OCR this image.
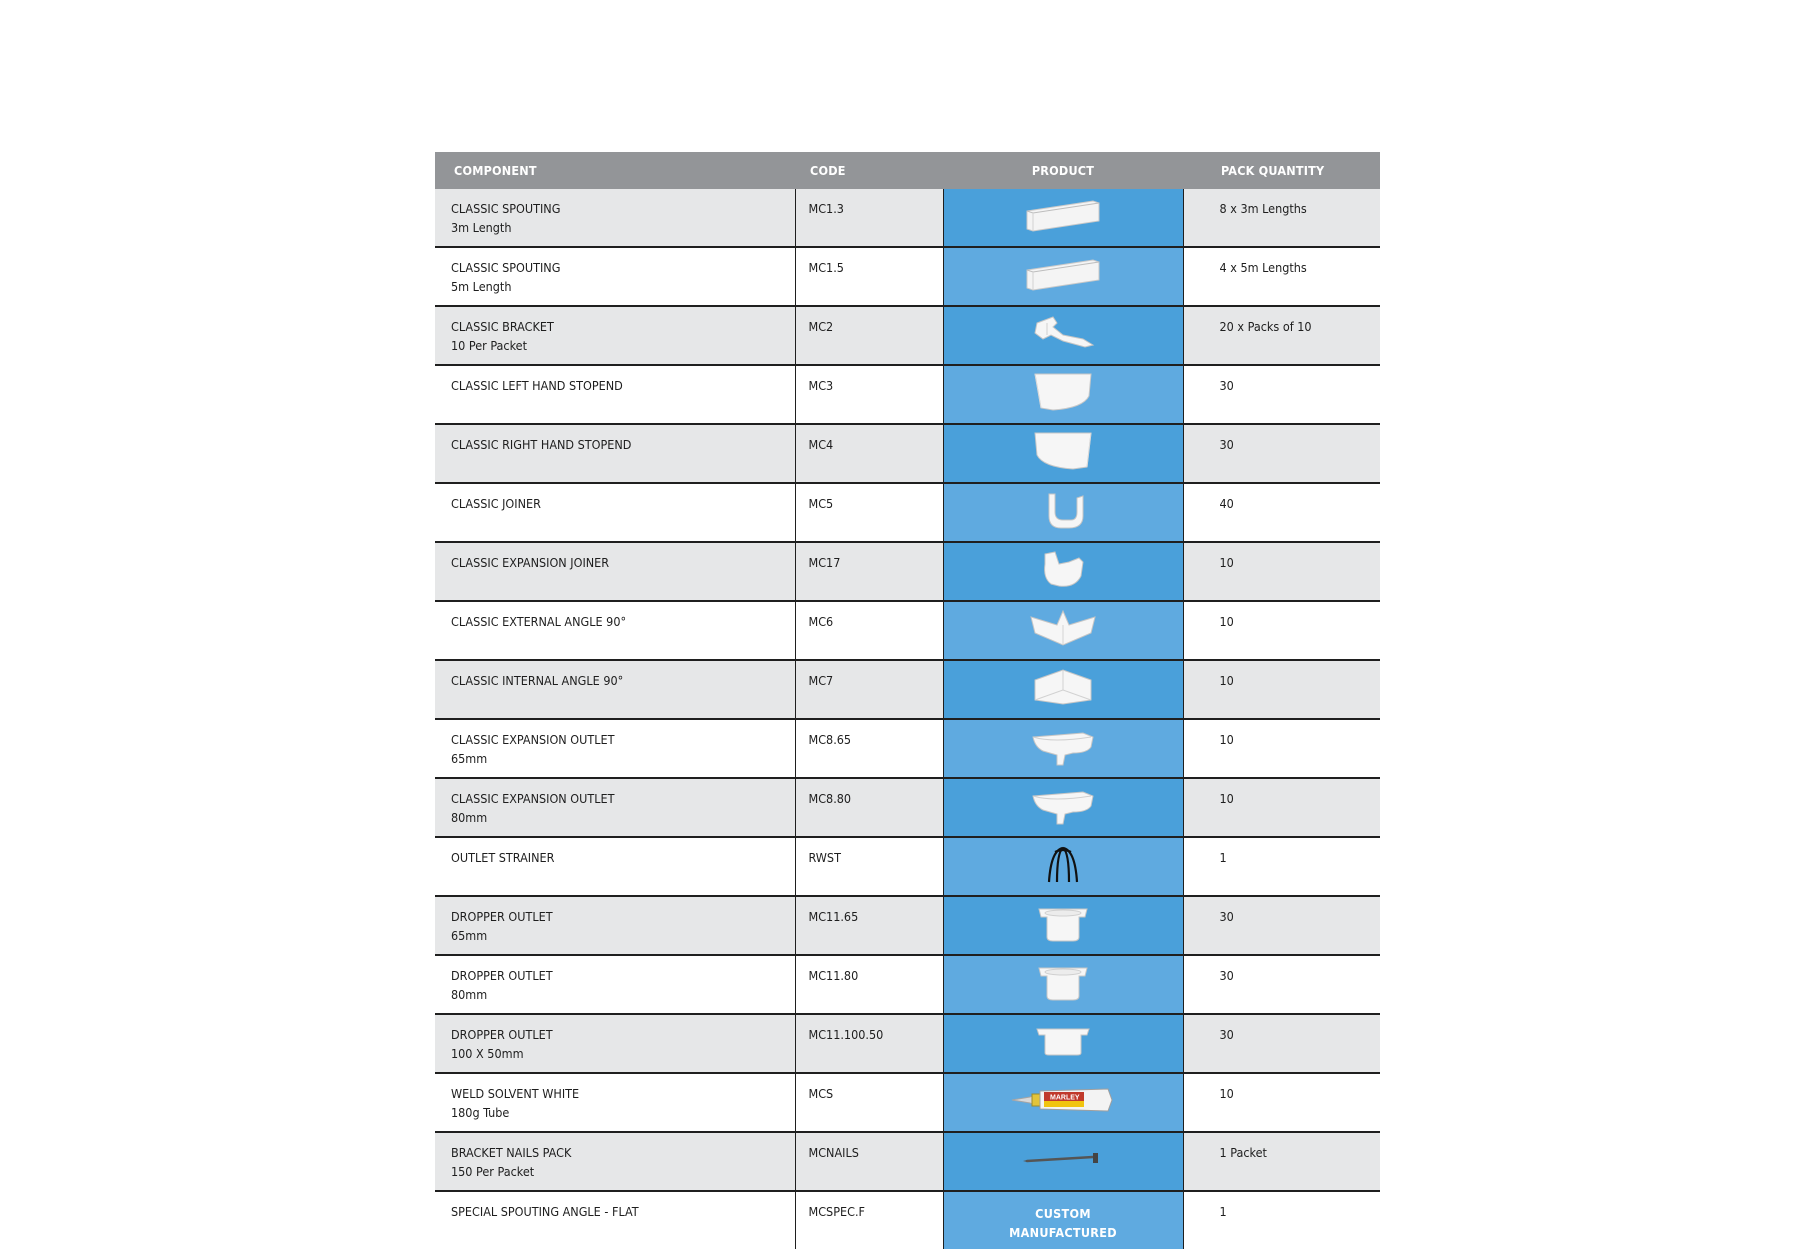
COMPONENT	CODE	PRODUCT	PACK QUANTITY

CLASSIC SPOUTING
3m Length	MC1.3		8 x 3m Lengths

CLASSIC SPOUTING
5m Length	MC1.5		4 x 5m Lengths

CLASSIC BRACKET
10 Per Packet	MC2		20 x Packs of 10

CLASSIC LEFT HAND STOPEND	MC3		30

CLASSIC RIGHT HAND STOPEND	MC4		30

CLASSIC JOINER	MC5		40

CLASSIC EXPANSION JOINER	MC17		10

CLASSIC EXTERNAL ANGLE 90°	MC6		10

CLASSIC INTERNAL ANGLE 90°	MC7		10

CLASSIC EXPANSION OUTLET
65mm	MC8.65		10

CLASSIC EXPANSION OUTLET
80mm	MC8.80		10

OUTLET STRAINER	RWST		1

DROPPER OUTLET
65mm	MC11.65		30

DROPPER OUTLET
80mm	MC11.80		30

DROPPER OUTLET
100 X 50mm	MC11.100.50		30

WELD SOLVENT WHITE
180g Tube	MCS	MARLEY	10

BRACKET NAILS PACK
150 Per Packet	MCNAILS		1 Packet

SPECIAL SPOUTING ANGLE - FLAT	MCSPEC.F	CUSTOM
MANUFACTURED	1
